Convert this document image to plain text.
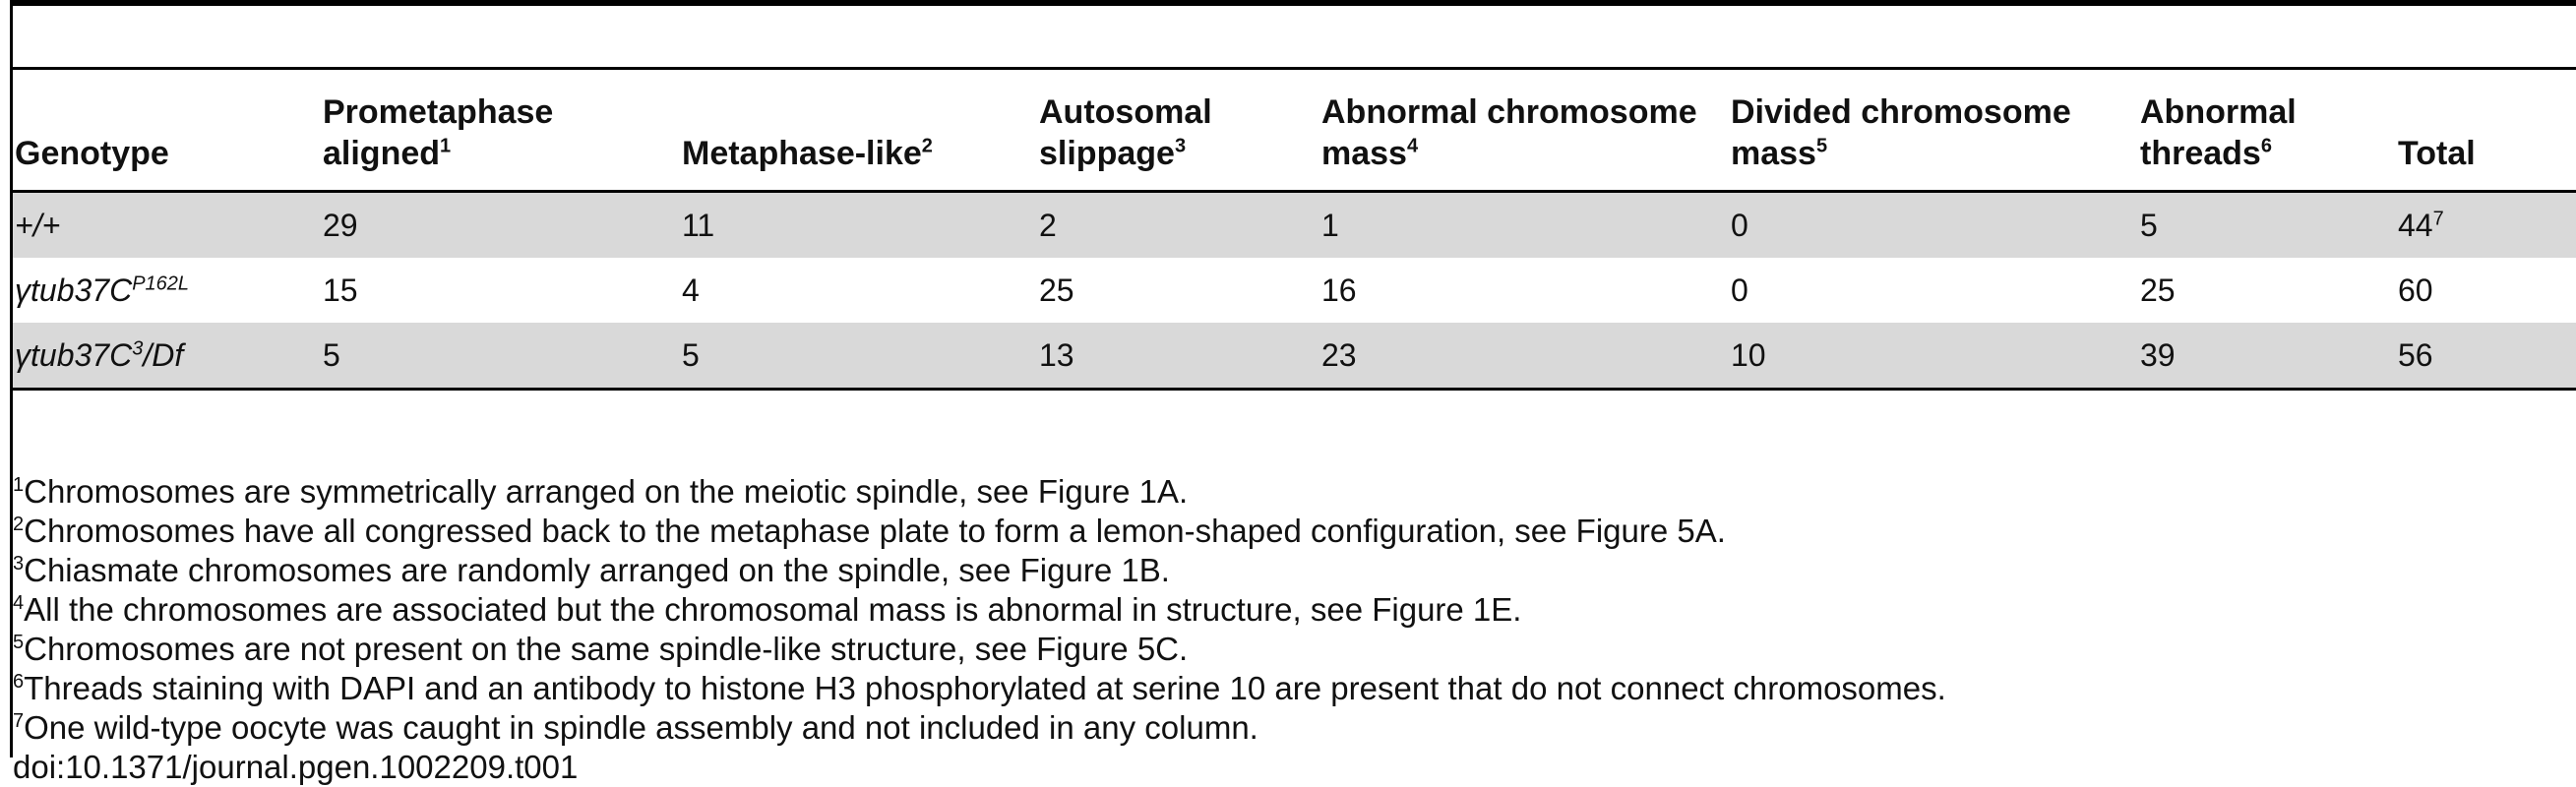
Genotype	Prometaphase aligned$^1$	Metaphase-like$^2$	Autosomal slippage$^3$	Abnormal chromosome mass$^4$	Divided chromosome mass$^5$	Abnormal threads$^6$	Total
+/+	29	11	2	1	0	5	$44^7$
$\gamma tub37C^{P162L}$	15	4	25	16	0	25	60
$\gamma tub37C^3/Df$	5	5	13	23	10	39	56

$^1$Chromosomes are symmetrically arranged on the meiotic spindle, see Figure 1A.

$^2$Chromosomes have all congressed back to the metaphase plate to form a lemon-shaped configuration, see Figure 5A.

$^3$Chiasmate chromosomes are randomly arranged on the spindle, see Figure 1B.

$^4$All the chromosomes are associated but the chromosomal mass is abnormal in structure, see Figure 1E.

$^5$Chromosomes are not present on the same spindle-like structure, see Figure 5C.

$^6$Threads staining with DAPI and an antibody to histone H3 phosphorylated at serine 10 are present that do not connect chromosomes.

$^7$One wild-type oocyte was caught in spindle assembly and not included in any column.

doi:10.1371/journal.pgen.1002209.t001
